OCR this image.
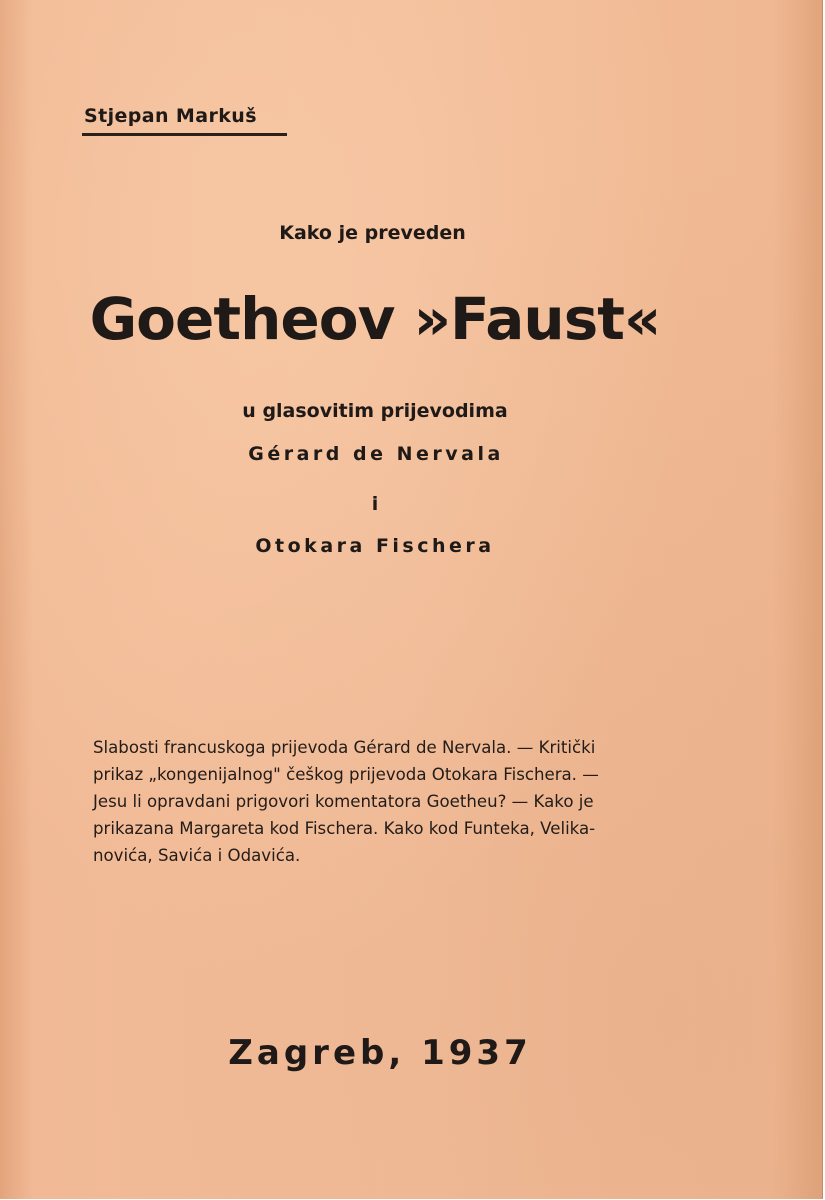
Stjepan Markuš
Kako je preveden
Goetheov »Faust«
u glasovitim prijevodima
Gérard de Nervala
i
Otokara Fischera
Slabosti francuskoga prijevoda Gérard de Nervala. — Kritički
prikaz „kongenijalnog" češkog prijevoda Otokara Fischera. —
Jesu li opravdani prigovori komentatora Goetheu? — Kako je
prikazana Margareta kod Fischera. Kako kod Funteka, Velika-
novića, Savića i Odavića.
Zagreb, 1937
